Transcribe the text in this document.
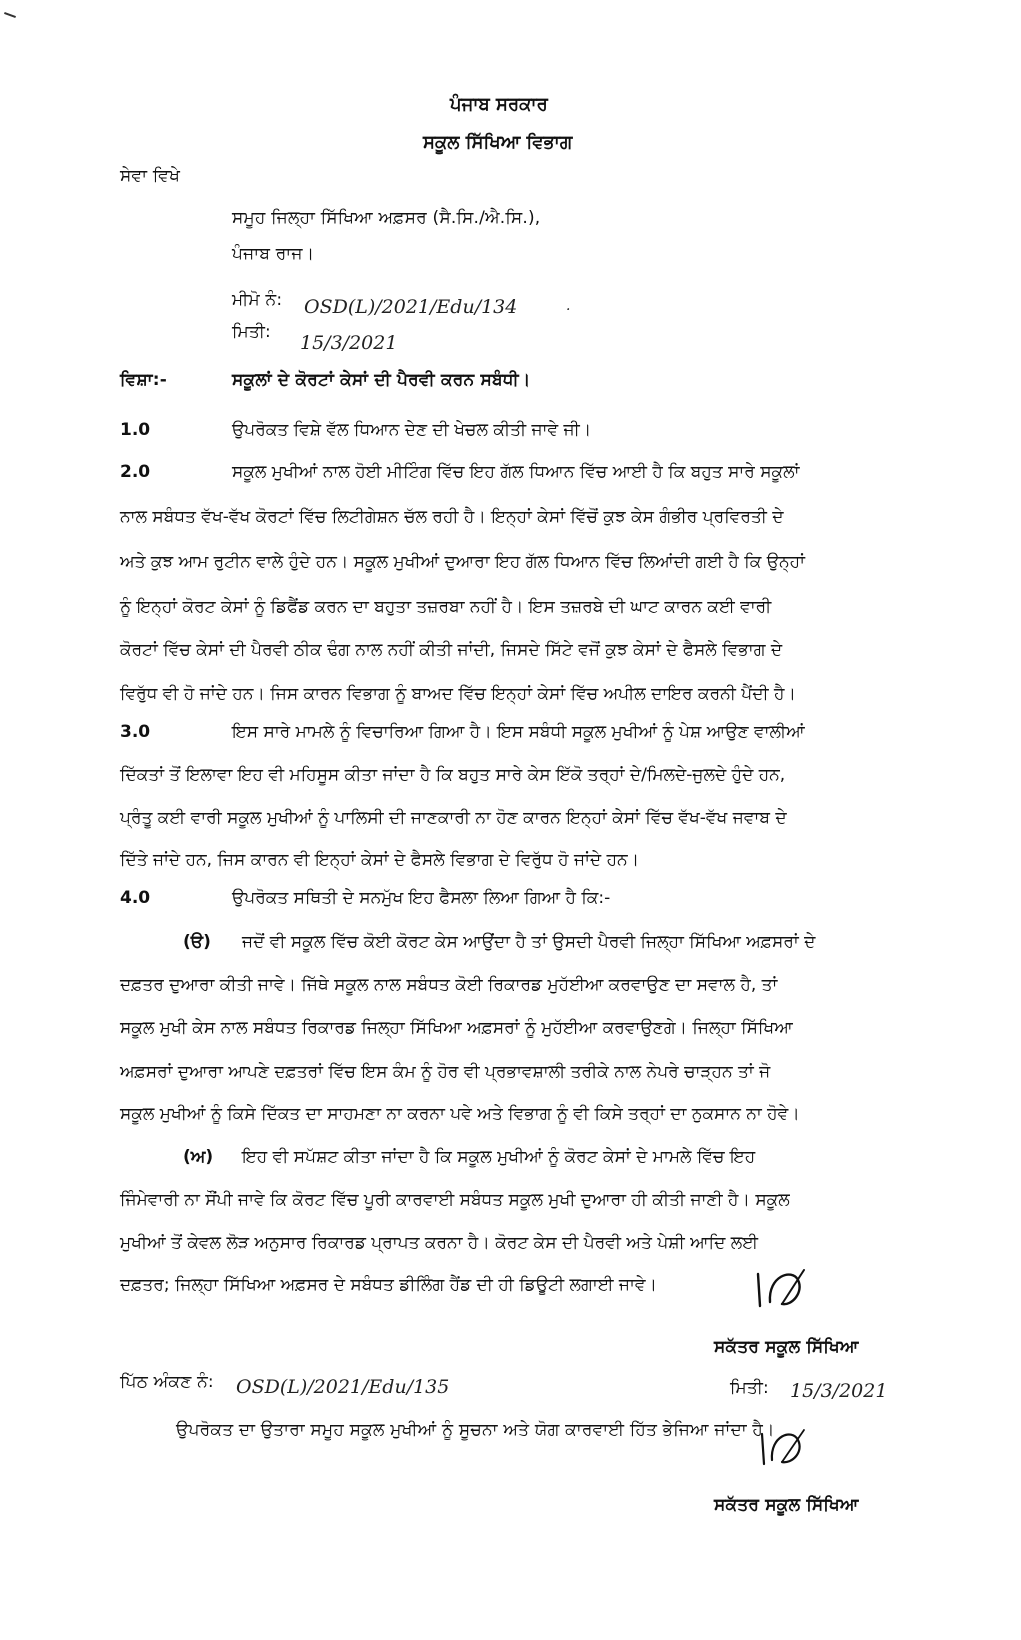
ਪੰਜਾਬ ਸਰਕਾਰ
ਸਕੂਲ ਸਿੱਖਿਆ ਵਿਭਾਗ
ਸੇਵਾ ਵਿਖੇ
ਸਮੂਹ ਜਿਲ੍ਹਾ ਸਿੱਖਿਆ ਅਫ਼ਸਰ (ਸੈ.ਸਿ./ਐ.ਸਿ.),
ਪੰਜਾਬ ਰਾਜ।
ਮੀਮੋ ਨੰ: OSD(L)/2021/Edu/134	·
ਮਿਤੀ: 15/3/2021
ਵਿਸ਼ਾ:-	ਸਕੂਲਾਂ ਦੇ ਕੋਰਟਾਂ ਕੇਸਾਂ ਦੀ ਪੈਰਵੀ ਕਰਨ ਸਬੰਧੀ।
1.0	ਉਪਰੋਕਤ ਵਿਸ਼ੇ ਵੱਲ ਧਿਆਨ ਦੇਣ ਦੀ ਖੇਚਲ ਕੀਤੀ ਜਾਵੇ ਜੀ।
2.0	ਸਕੂਲ ਮੁਖੀਆਂ ਨਾਲ ਹੋਈ ਮੀਟਿੰਗ ਵਿੱਚ ਇਹ ਗੱਲ ਧਿਆਨ ਵਿੱਚ ਆਈ ਹੈ ਕਿ ਬਹੁਤ ਸਾਰੇ ਸਕੂਲਾਂ
ਨਾਲ ਸਬੰਧਤ ਵੱਖ-ਵੱਖ ਕੋਰਟਾਂ ਵਿੱਚ ਲਿਟੀਗੇਸ਼ਨ ਚੱਲ ਰਹੀ ਹੈ। ਇਨ੍ਹਾਂ ਕੇਸਾਂ ਵਿੱਚੋਂ ਕੁਝ ਕੇਸ ਗੰਭੀਰ ਪ੍ਰਵਿਰਤੀ ਦੇ
ਅਤੇ ਕੁਝ ਆਮ ਰੁਟੀਨ ਵਾਲੇ ਹੁੰਦੇ ਹਨ। ਸਕੂਲ ਮੁਖੀਆਂ ਦੁਆਰਾ ਇਹ ਗੱਲ ਧਿਆਨ ਵਿੱਚ ਲਿਆਂਦੀ ਗਈ ਹੈ ਕਿ ਉਨ੍ਹਾਂ
ਨੂੰ ਇਨ੍ਹਾਂ ਕੋਰਟ ਕੇਸਾਂ ਨੂੰ ਡਿਫੈਂਡ ਕਰਨ ਦਾ ਬਹੁਤਾ ਤਜ਼ਰਬਾ ਨਹੀਂ ਹੈ। ਇਸ ਤਜ਼ਰਬੇ ਦੀ ਘਾਟ ਕਾਰਨ ਕਈ ਵਾਰੀ
ਕੋਰਟਾਂ ਵਿੱਚ ਕੇਸਾਂ ਦੀ ਪੈਰਵੀ ਠੀਕ ਢੰਗ ਨਾਲ ਨਹੀਂ ਕੀਤੀ ਜਾਂਦੀ, ਜਿਸਦੇ ਸਿੱਟੇ ਵਜੋਂ ਕੁਝ ਕੇਸਾਂ ਦੇ ਫੈਸਲੇ ਵਿਭਾਗ ਦੇ
ਵਿਰੁੱਧ ਵੀ ਹੋ ਜਾਂਦੇ ਹਨ। ਜਿਸ ਕਾਰਨ ਵਿਭਾਗ ਨੂੰ ਬਾਅਦ ਵਿੱਚ ਇਨ੍ਹਾਂ ਕੇਸਾਂ ਵਿੱਚ ਅਪੀਲ ਦਾਇਰ ਕਰਨੀ ਪੈਂਦੀ ਹੈ।
3.0	ਇਸ ਸਾਰੇ ਮਾਮਲੇ ਨੂੰ ਵਿਚਾਰਿਆ ਗਿਆ ਹੈ। ਇਸ ਸਬੰਧੀ ਸਕੂਲ ਮੁਖੀਆਂ ਨੂੰ ਪੇਸ਼ ਆਉਣ ਵਾਲੀਆਂ
ਦਿੱਕਤਾਂ ਤੋਂ ਇਲਾਵਾ ਇਹ ਵੀ ਮਹਿਸੂਸ ਕੀਤਾ ਜਾਂਦਾ ਹੈ ਕਿ ਬਹੁਤ ਸਾਰੇ ਕੇਸ ਇੱਕੋ ਤਰ੍ਹਾਂ ਦੇ/ਮਿਲਦੇ-ਜੁਲਦੇ ਹੁੰਦੇ ਹਨ,
ਪ੍ਰੰਤੂ ਕਈ ਵਾਰੀ ਸਕੂਲ ਮੁਖੀਆਂ ਨੂੰ ਪਾਲਿਸੀ ਦੀ ਜਾਣਕਾਰੀ ਨਾ ਹੋਣ ਕਾਰਨ ਇਨ੍ਹਾਂ ਕੇਸਾਂ ਵਿੱਚ ਵੱਖ-ਵੱਖ ਜਵਾਬ ਦੇ
ਦਿੱਤੇ ਜਾਂਦੇ ਹਨ, ਜਿਸ ਕਾਰਨ ਵੀ ਇਨ੍ਹਾਂ ਕੇਸਾਂ ਦੇ ਫੈਸਲੇ ਵਿਭਾਗ ਦੇ ਵਿਰੁੱਧ ਹੋ ਜਾਂਦੇ ਹਨ।
4.0	ਉਪਰੋਕਤ ਸਥਿਤੀ ਦੇ ਸਨਮੁੱਖ ਇਹ ਫੈਸਲਾ ਲਿਆ ਗਿਆ ਹੈ ਕਿ:-
(ੳ) ਜਦੋਂ ਵੀ ਸਕੂਲ ਵਿੱਚ ਕੋਈ ਕੋਰਟ ਕੇਸ ਆਉਂਦਾ ਹੈ ਤਾਂ ਉਸਦੀ ਪੈਰਵੀ ਜਿਲ੍ਹਾ ਸਿੱਖਿਆ ਅਫ਼ਸਰਾਂ ਦੇ
ਦਫ਼ਤਰ ਦੁਆਰਾ ਕੀਤੀ ਜਾਵੇ। ਜਿੱਥੇ ਸਕੂਲ ਨਾਲ ਸਬੰਧਤ ਕੋਈ ਰਿਕਾਰਡ ਮੁਹੱਈਆ ਕਰਵਾਉਣ ਦਾ ਸਵਾਲ ਹੈ, ਤਾਂ
ਸਕੂਲ ਮੁਖੀ ਕੇਸ ਨਾਲ ਸਬੰਧਤ ਰਿਕਾਰਡ ਜਿਲ੍ਹਾ ਸਿੱਖਿਆ ਅਫ਼ਸਰਾਂ ਨੂੰ ਮੁਹੱਈਆ ਕਰਵਾਉਣਗੇ। ਜਿਲ੍ਹਾ ਸਿੱਖਿਆ
ਅਫ਼ਸਰਾਂ ਦੁਆਰਾ ਆਪਣੇ ਦਫ਼ਤਰਾਂ ਵਿੱਚ ਇਸ ਕੰਮ ਨੂੰ ਹੋਰ ਵੀ ਪ੍ਰਭਾਵਸ਼ਾਲੀ ਤਰੀਕੇ ਨਾਲ ਨੇਪਰੇ ਚਾੜ੍ਹਨ ਤਾਂ ਜੋ
ਸਕੂਲ ਮੁਖੀਆਂ ਨੂੰ ਕਿਸੇ ਦਿੱਕਤ ਦਾ ਸਾਹਮਣਾ ਨਾ ਕਰਨਾ ਪਵੇ ਅਤੇ ਵਿਭਾਗ ਨੂੰ ਵੀ ਕਿਸੇ ਤਰ੍ਹਾਂ ਦਾ ਨੁਕਸਾਨ ਨਾ ਹੋਵੇ।
(ਅ) ਇਹ ਵੀ ਸਪੱਸ਼ਟ ਕੀਤਾ ਜਾਂਦਾ ਹੈ ਕਿ ਸਕੂਲ ਮੁਖੀਆਂ ਨੂੰ ਕੋਰਟ ਕੇਸਾਂ ਦੇ ਮਾਮਲੇ ਵਿੱਚ ਇਹ
ਜਿੰਮੇਵਾਰੀ ਨਾ ਸੌਂਪੀ ਜਾਵੇ ਕਿ ਕੋਰਟ ਵਿੱਚ ਪੂਰੀ ਕਾਰਵਾਈ ਸਬੰਧਤ ਸਕੂਲ ਮੁਖੀ ਦੁਆਰਾ ਹੀ ਕੀਤੀ ਜਾਣੀ ਹੈ। ਸਕੂਲ
ਮੁਖੀਆਂ ਤੋਂ ਕੇਵਲ ਲੋੜ ਅਨੁਸਾਰ ਰਿਕਾਰਡ ਪ੍ਰਾਪਤ ਕਰਨਾ ਹੈ। ਕੋਰਟ ਕੇਸ ਦੀ ਪੈਰਵੀ ਅਤੇ ਪੇਸ਼ੀ ਆਦਿ ਲਈ
ਦਫ਼ਤਰ; ਜਿਲ੍ਹਾ ਸਿੱਖਿਆ ਅਫ਼ਸਰ ਦੇ ਸਬੰਧਤ ਡੀਲਿੰਗ ਹੈਂਡ ਦੀ ਹੀ ਡਿਊਟੀ ਲਗਾਈ ਜਾਵੇ।
ਸਕੱਤਰ ਸਕੂਲ ਸਿੱਖਿਆ
ਪਿੱਠ ਅੰਕਣ ਨੰ: OSD(L)/2021/Edu/135	ਮਿਤੀ: 15/3/2021
ਉਪਰੋਕਤ ਦਾ ਉਤਾਰਾ ਸਮੂਹ ਸਕੂਲ ਮੁਖੀਆਂ ਨੂੰ ਸੂਚਨਾ ਅਤੇ ਯੋਗ ਕਾਰਵਾਈ ਹਿੱਤ ਭੇਜਿਆ ਜਾਂਦਾ ਹੈ।
ਸਕੱਤਰ ਸਕੂਲ ਸਿੱਖਿਆ
